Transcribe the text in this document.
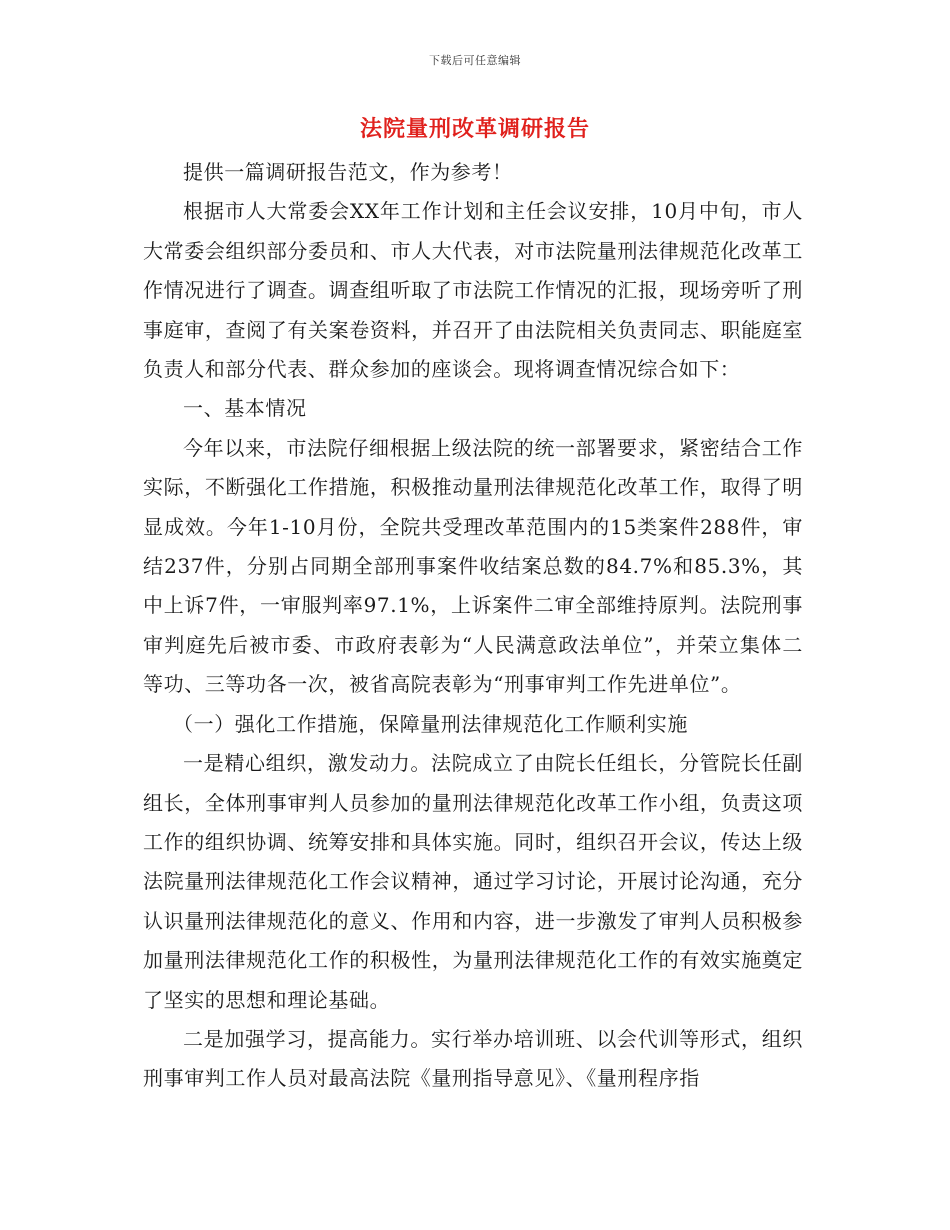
下载后可任意编辑
法院量刑改革调研报告

提供一篇调研报告范文，作为参考！

根据市人大常委会XX年工作计划和主任会议安排，10月中旬，市人大常委会组织部分委员和、市人大代表，对市法院量刑法律规范化改革工作情况进行了调查。调查组听取了市法院工作情况的汇报，现场旁听了刑事庭审，查阅了有关案卷资料，并召开了由法院相关负责同志、职能庭室负责人和部分代表、群众参加的座谈会。现将调查情况综合如下：

一、基本情况

今年以来，市法院仔细根据上级法院的统一部署要求，紧密结合工作实际，不断强化工作措施，积极推动量刑法律规范化改革工作，取得了明显成效。今年1-10月份，全院共受理改革范围内的15类案件288件，审结237件，分别占同期全部刑事案件收结案总数的84.7%和85.3%，其中上诉7件，一审服判率97.1%，上诉案件二审全部维持原判。法院刑事审判庭先后被市委、市政府表彰为“人民满意政法单位”，并荣立集体二等功、三等功各一次，被省高院表彰为“刑事审判工作先进单位”。

（一）强化工作措施，保障量刑法律规范化工作顺利实施

一是精心组织，激发动力。法院成立了由院长任组长，分管院长任副组长，全体刑事审判人员参加的量刑法律规范化改革工作小组，负责这项工作的组织协调、统筹安排和具体实施。同时，组织召开会议，传达上级法院量刑法律规范化工作会议精神，通过学习讨论，开展讨论沟通，充分认识量刑法律规范化的意义、作用和内容，进一步激发了审判人员积极参加量刑法律规范化工作的积极性，为量刑法律规范化工作的有效实施奠定了坚实的思想和理论基础。

二是加强学习，提高能力。实行举办培训班、以会代训等形式，组织刑事审判工作人员对最高法院《量刑指导意见》、《量刑程序指
